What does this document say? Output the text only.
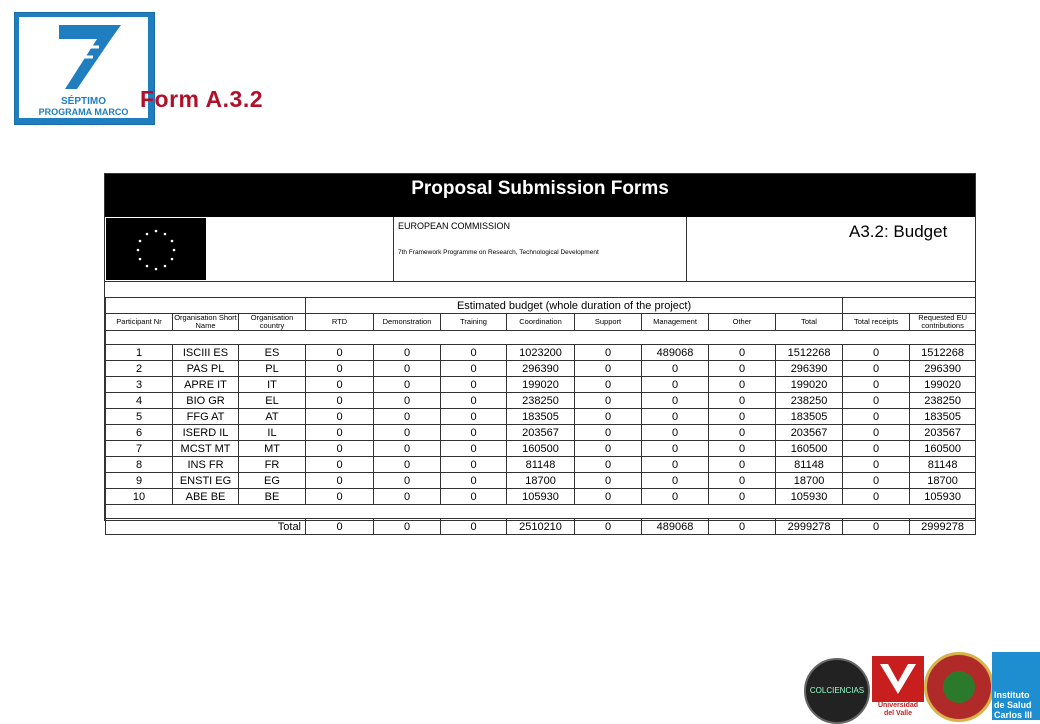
SÉPTIMO
PROGRAMA MARCO Form A.3.2
Proposal Submission Forms
EUROPEAN COMMISSION
7th Framework Programme on Research, Technological Development
A3.2: Budget
			Estimated budget (whole duration of the project)									
Participant Nr	Organisation Short Name	Organisation country	RTD	Demonstration	Training	Coordination	Support	Management	Other	Total	Total receipts	Requested EU contributions

1	ISCIII ES	ES	0	0	0	1023200	0	489068	0	1512268	0	1512268
2	PAS PL	PL	0	0	0	296390	0	0	0	296390	0	296390
3	APRE IT	IT	0	0	0	199020	0	0	0	199020	0	199020
4	BIO GR	EL	0	0	0	238250	0	0	0	238250	0	238250
5	FFG AT	AT	0	0	0	183505	0	0	0	183505	0	183505
6	ISERD IL	IL	0	0	0	203567	0	0	0	203567	0	203567
7	MCST MT	MT	0	0	0	160500	0	0	0	160500	0	160500
8	INS FR	FR	0	0	0	81148	0	0	0	81148	0	81148
9	ENSTI EG	EG	0	0	0	18700	0	0	0	18700	0	18700
10	ABE BE	BE	0	0	0	105930	0	0	0	105930	0	105930

Total			0	0	0	2510210	0	489068	0	2999278	0	2999278
COLCIENCIAS
Universidad
del Valle
Instituto
de Salud
Carlos III
